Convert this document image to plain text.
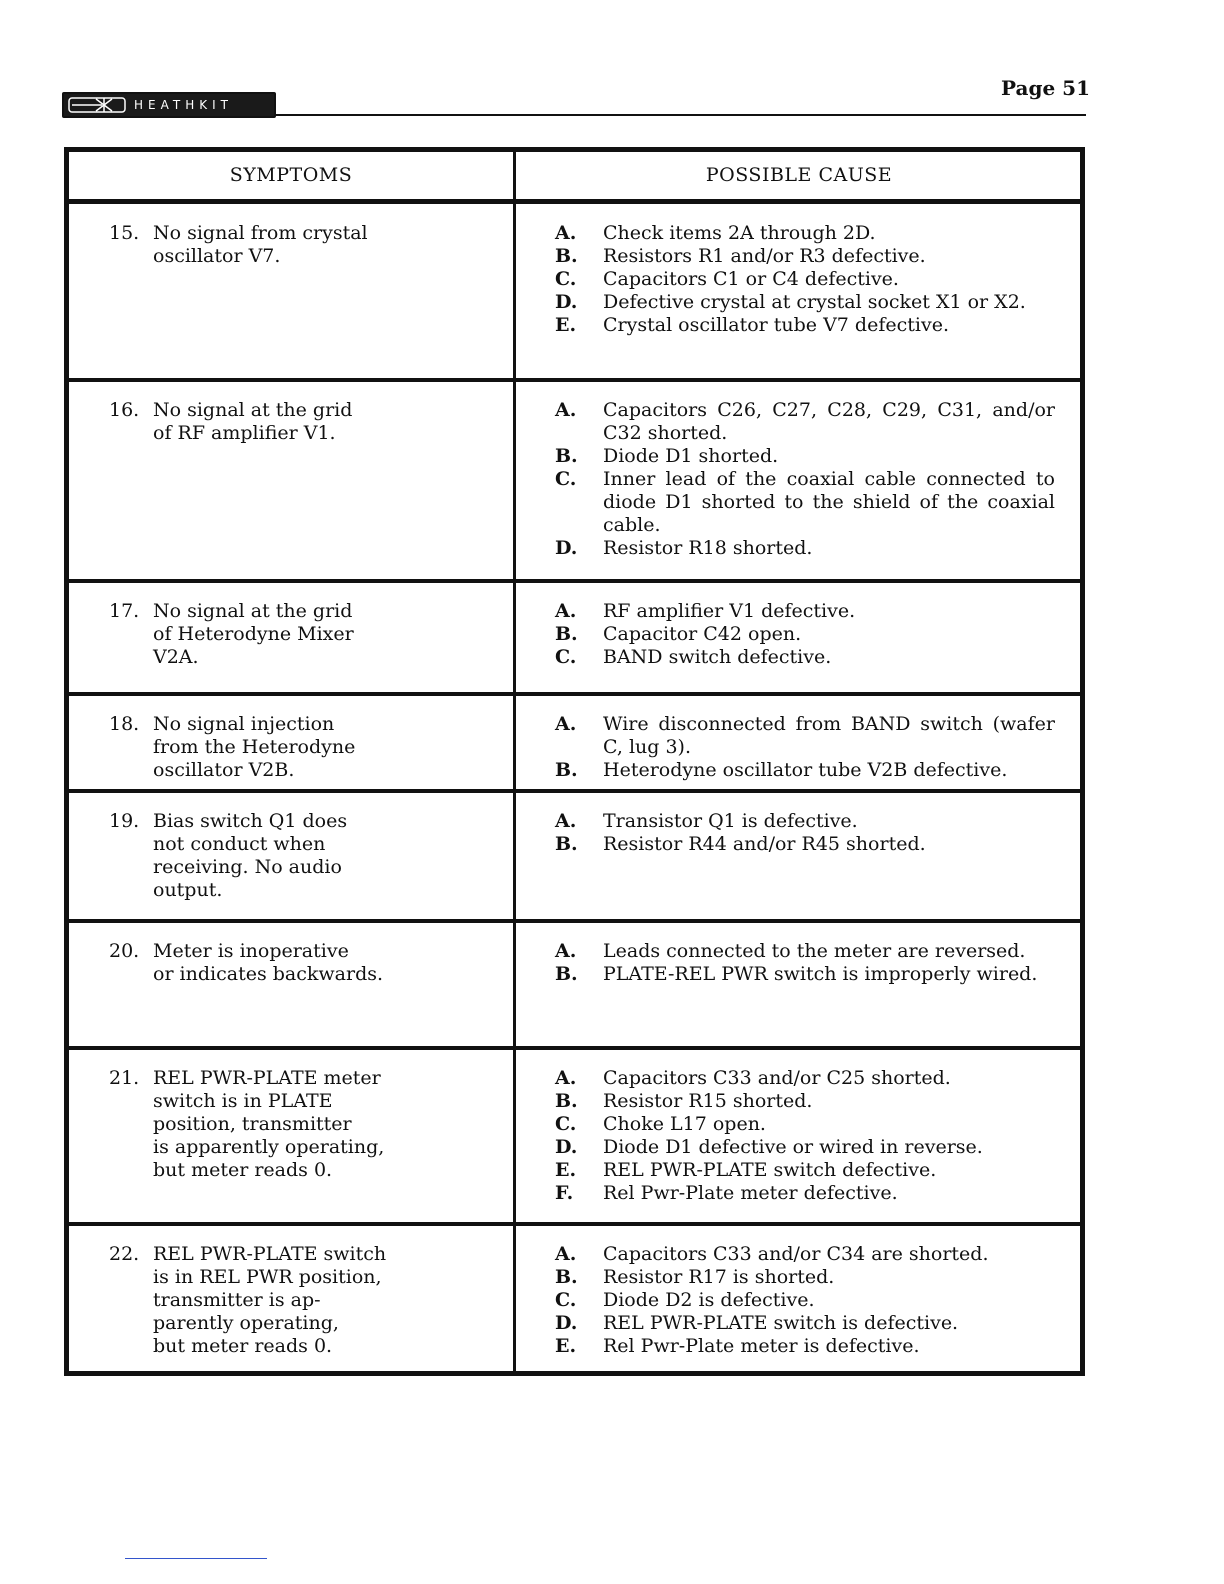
Page 51
HEATHKIT
SYMPTOMS	POSSIBLE CAUSE
15. No signal from crystal
oscillator V7.
A. Check items 2A through 2D.
B. Resistors R1 and/or R3 defective.
C. Capacitors C1 or C4 defective.
D. Defective crystal at crystal socket X1 or X2.
E. Crystal oscillator tube V7 defective.
16. No signal at the grid
of RF amplifier V1.
A. Capacitors C26, C27, C28, C29, C31, and/or C32 shorted.
B. Diode D1 shorted.
C. Inner lead of the coaxial cable connected to diode D1 shorted to the shield of the coaxial cable.
D. Resistor R18 shorted.
17. No signal at the grid
of Heterodyne Mixer
V2A.
A. RF amplifier V1 defective.
B. Capacitor C42 open.
C. BAND switch defective.
18. No signal injection
from the Heterodyne
oscillator V2B.
A. Wire disconnected from BAND switch (wafer C, lug 3).
B. Heterodyne oscillator tube V2B defective.
19. Bias switch Q1 does
not conduct when
receiving. No audio
output.
A. Transistor Q1 is defective.
B. Resistor R44 and/or R45 shorted.
20. Meter is inoperative
or indicates backwards.
A. Leads connected to the meter are reversed.
B. PLATE-REL PWR switch is improperly wired.
21. REL PWR-PLATE meter
switch is in PLATE
position, transmitter
is apparently operating,
but meter reads 0.
A. Capacitors C33 and/or C25 shorted.
B. Resistor R15 shorted.
C. Choke L17 open.
D. Diode D1 defective or wired in reverse.
E. REL PWR-PLATE switch defective.
F. Rel Pwr-Plate meter defective.
22. REL PWR-PLATE switch
is in REL PWR position,
transmitter is ap-
parently operating,
but meter reads 0.
A. Capacitors C33 and/or C34 are shorted.
B. Resistor R17 is shorted.
C. Diode D2 is defective.
D. REL PWR-PLATE switch is defective.
E. Rel Pwr-Plate meter is defective.
